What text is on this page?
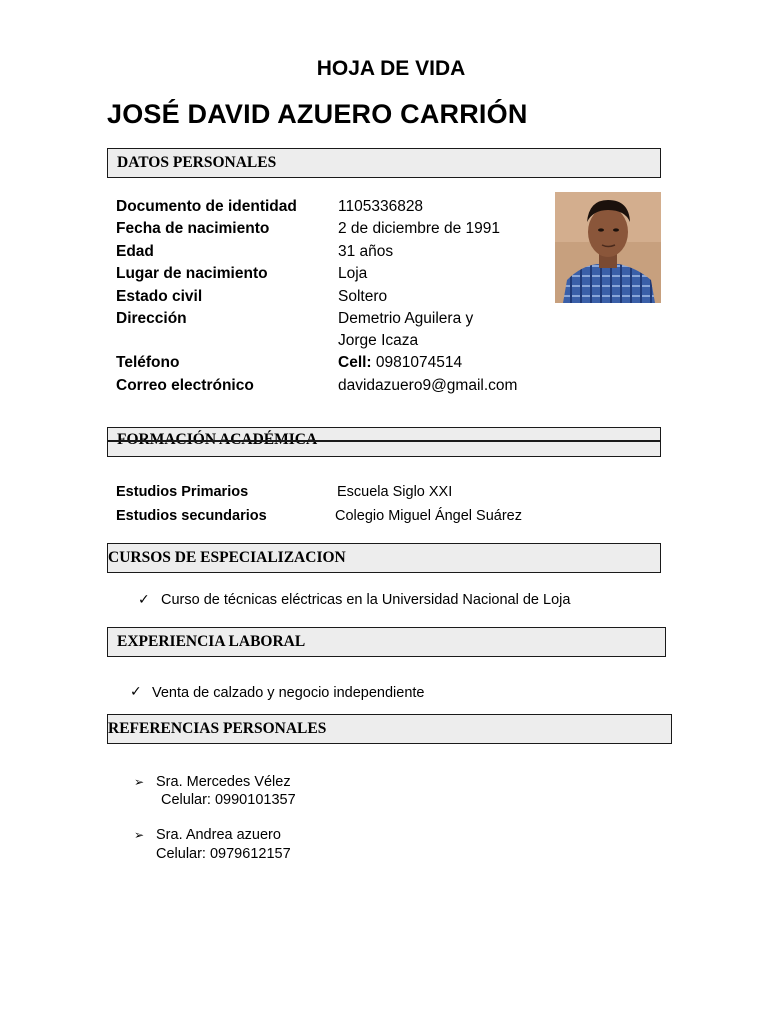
HOJA DE VIDA
JOSÉ DAVID AZUERO CARRIÓN
DATOS PERSONALES
Documento de identidad	1105336828
Fecha de nacimiento	2 de diciembre de 1991
Edad	31 años
Lugar de nacimiento	Loja
Estado civil	Soltero
Dirección	Demetrio Aguilera y
Jorge Icaza
Teléfono	Cell: 0981074514
Correo electrónico	davidazuero9@gmail.com
FORMACIÓN ACADÉMICA
Estudios Primarios	Escuela Siglo XXI
Estudios secundarios	Colegio Miguel Ángel Suárez
CURSOS DE ESPECIALIZACION
✓ Curso de técnicas eléctricas en la Universidad Nacional de Loja
EXPERIENCIA LABORAL
✓ Venta de calzado y negocio independiente
REFERENCIAS PERSONALES
➢ Sra. Mercedes Vélez
Celular: 0990101357
➢ Sra. Andrea azuero
Celular: 0979612157
